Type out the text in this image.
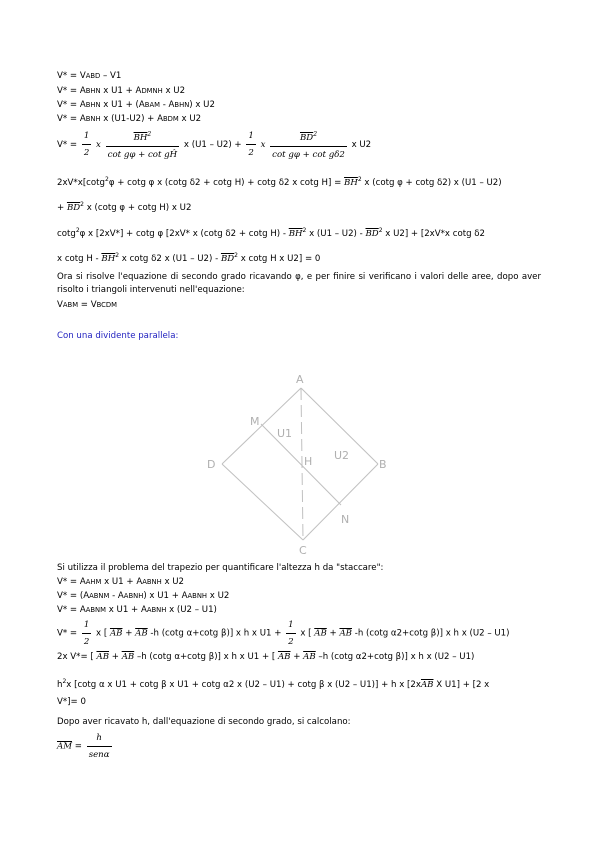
V* = VABD – V1
V* = ABHN x U1 + ADMNH x U2
V* = ABHN x U1 + (ABAM - ABHN) x U2
V* = ABNH x (U1-U2) + ABDM x U2
$V* = \frac{1}{2}$ x $\frac{\overline{BH}^2}{\text{cot gφ + cot gĤ}}$ x $(U1 - U2) + \frac{1}{2}$ x $\frac{\overline{BD}^2}{\text{cot gφ + cot gδ2}}$ x U2
2xV*x[cotg$^2$φ + cotg φ x (cotg δ2 + cotg H) + cotg δ2 x cotg $H] = \overline{BH}^2$ x (cotg φ + cotg δ2) x (U1 – U2)
+ $\overline{BD}^2$ x (cotg φ + cotg H) x U2
cotg$^2$φ x [2xV*] + cotg φ [2xV* x (cotg δ2 + cotg $H) - \overline{BH}^2$ x $(U1 - U2) - \overline{BD}^2$ x U2] + [2xV*x cotg δ2
x cotg H - $\overline{BH}^2$ x cotg δ2 x $(U1 - U2) - \overline{BD}^2$ x cotg H x U2] = 0
Ora si risolve l'equazione di secondo grado ricavando φ, e per finire si verificano i valori delle aree, dopo aver risolto i triangoli intervenuti nell'equazione:
VABM = VBCDM
Con una dividente parallela:
A
B
C
D
M
N
H
U1
U2
Si utilizza il problema del trapezio per quantificare l'altezza h da "staccare":
V* = AAHM x U1 + AABNH x U2
V* = (AABNM - AABNH) x U1 + AABNH x U2
V* = AABNM x U1 + AABNH x (U2 – U1)
$V* = \frac{1}{2}$ x [ $\overline{AB} + \overline{AB}$ -h (cotg α+cotg β)] x h x $U1 + \frac{1}{2}$ x [ $\overline{AB} + \overline{AB}$ -h (cotg α2+cotg β)] x h x (U2 – U1)
2x V*= [ $\overline{AB} + \overline{AB}$ –h (cotg α+cotg β)] x h x U1 + [ $\overline{AB} + \overline{AB}$ –h (cotg α2+cotg β)] x h x (U2 – U1)
$h^2x$ [cotg α x U1 + cotg β x U1 + cotg α2 x (U2 – U1) + cotg β x (U2 – U1)] + h x [$2x\overline{AB}$ X U1] + [2 x
V*]= 0
Dopo aver ricavato h, dall'equazione di secondo grado, si calcolano:
$\overline{AM} = \frac{h}{\text{senα}}$
